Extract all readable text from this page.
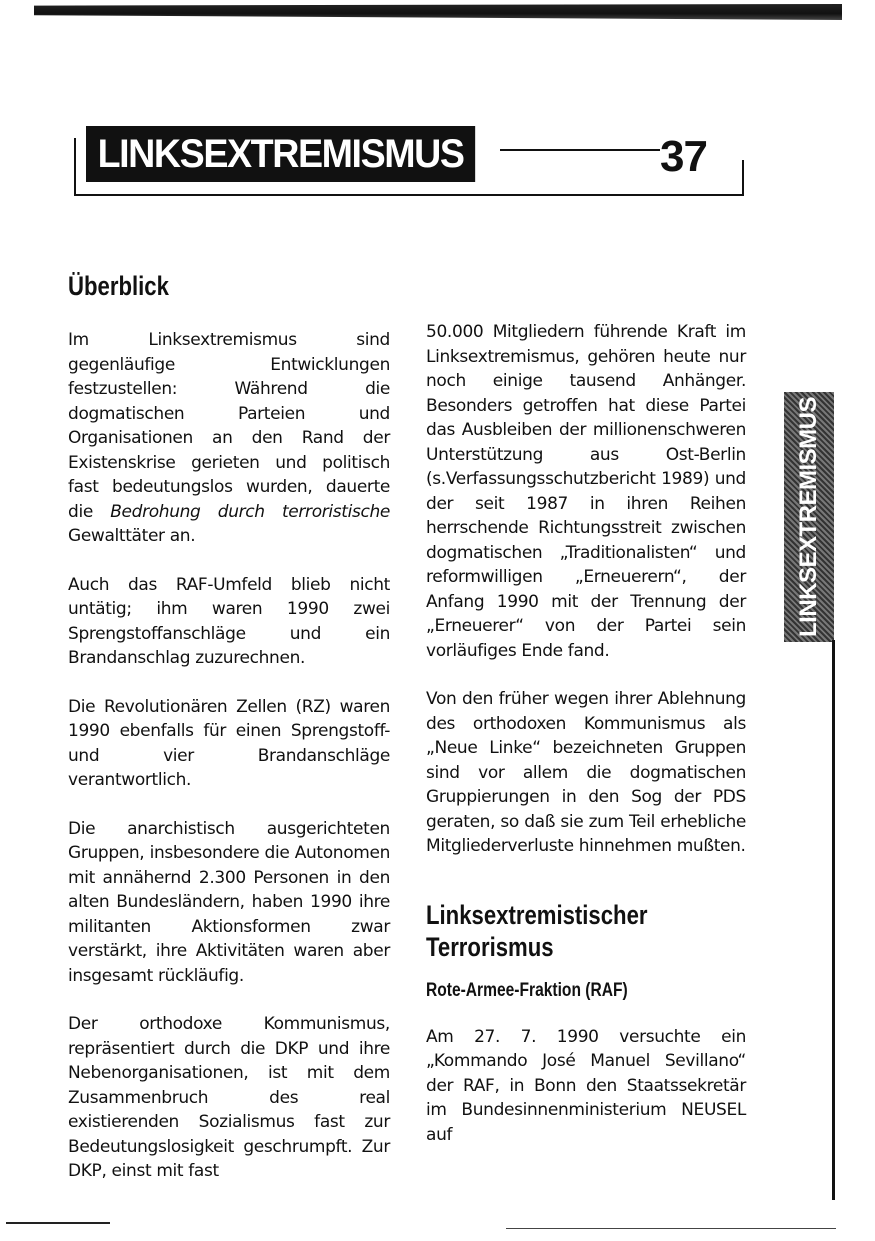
LINKSEXTREMISMUS	37
Überblick

Im Linksextremismus sind gegenläufige Entwicklungen festzustellen: Während die dogmatischen Parteien und Organisationen an den Rand der Existenskrise gerieten und politisch fast bedeutungslos wurden, dauerte die Bedrohung durch terroristische Gewalttäter an.

Auch das RAF-Umfeld blieb nicht untätig; ihm waren 1990 zwei Sprengstoffanschläge und ein Brandanschlag zuzurechnen.

Die Revolutionären Zellen (RZ) waren 1990 ebenfalls für einen Sprengstoff- und vier Brandanschläge verantwortlich.

Die anarchistisch ausgerichteten Gruppen, insbesondere die Autonomen mit annähernd 2.300 Personen in den alten Bundesländern, haben 1990 ihre militanten Aktionsformen zwar verstärkt, ihre Aktivitäten waren aber insgesamt rückläufig.

Der orthodoxe Kommunismus, repräsentiert durch die DKP und ihre Nebenorganisationen, ist mit dem Zusammenbruch des real existierenden Sozialismus fast zur Bedeutungslosigkeit geschrumpft. Zur DKP, einst mit fast

50.000 Mitgliedern führende Kraft im Linksextremismus, gehören heute nur noch einige tausend Anhänger. Besonders getroffen hat diese Partei das Ausbleiben der millionenschweren Unterstützung aus Ost-Berlin (s.Verfassungsschutzbericht 1989) und der seit 1987 in ihren Reihen herrschende Richtungsstreit zwischen dogmatischen „Traditionalisten“ und reformwilligen „Erneuerern“, der Anfang 1990 mit der Trennung der „Erneuerer“ von der Partei sein vorläufiges Ende fand.

Von den früher wegen ihrer Ablehnung des orthodoxen Kommunismus als „Neue Linke“ bezeichneten Gruppen sind vor allem die dogmatischen Gruppierungen in den Sog der PDS geraten, so daß sie zum Teil erhebliche Mitgliederverluste hinnehmen mußten.

Linksextremistischer
Terrorismus
Rote-Armee-Fraktion (RAF)

Am 27. 7. 1990 versuchte ein „Kommando José Manuel Sevillano“ der RAF, in Bonn den Staatssekretär im Bundesinnenministerium NEUSEL auf

LINKSEXTREMISMUS
